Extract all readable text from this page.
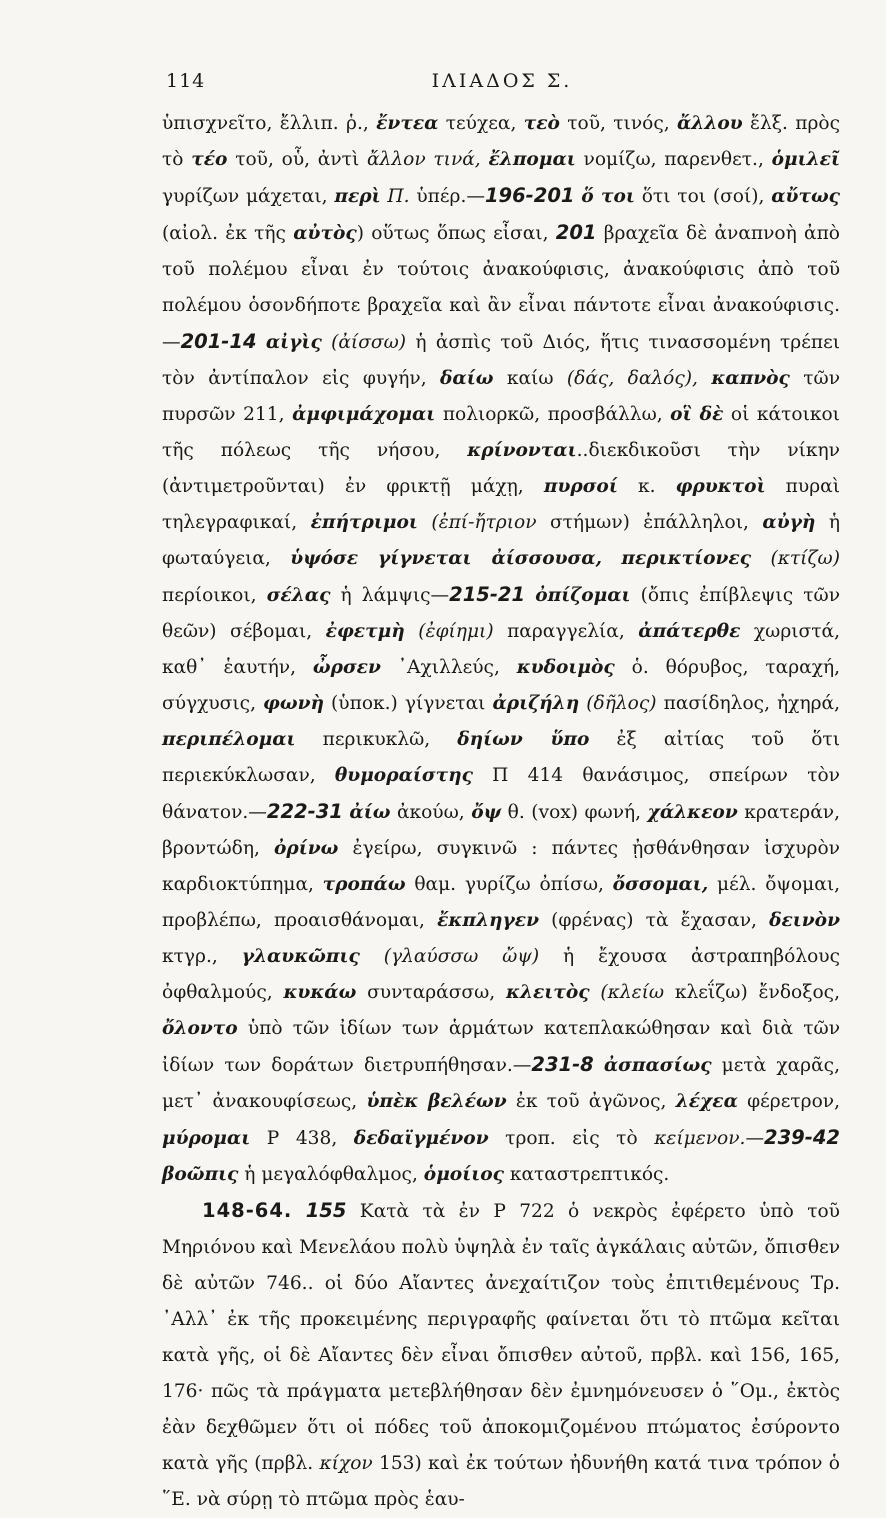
114	ΙΛΙΑΔΟΣ Σ.

ὑπισχνεῖτο, ἔλλιπ. ῥ., ἔντεα τεύχεα, τεὸ τοῦ, τινός, ἄλλου ἔλξ. πρὸς τὸ τέο τοῦ, οὗ, ἀντὶ ἄλλον τινά, ἔλπομαι νομίζω, παρενθετ., ὁμιλεῖ γυρίζων μάχεται, περὶ Π. ὑπέρ.—196-201 ὅ τοι ὅτι τοι (σοί), αὔτως (αἰολ. ἐκ τῆς αὐτὸς) οὕτως ὅπως εἶσαι, 201 βραχεῖα δὲ ἀναπνοὴ ἀπὸ τοῦ πολέμου εἶναι ἐν τούτοις ἀνακούφισις, ἀνακούφισις ἀπὸ τοῦ πολέμου ὁσονδήποτε βραχεῖα καὶ ἂν εἶναι πάντοτε εἶναι ἀνακούφισις.—201-14 αἰγὶς (ἀίσσω) ἡ ἀσπὶς τοῦ Διός, ἥτις τινασσομένη τρέπει τὸν ἀντίπαλον εἰς φυγήν, δαίω καίω (δάς, δαλός), καπνὸς τῶν πυρσῶν 211, ἀμφιμάχομαι πολιορκῶ, προσβάλλω, οἳ δὲ οἱ κάτοικοι τῆς πόλεως τῆς νήσου, κρίνονται..διεκδικοῦσι τὴν νίκην (ἀντιμετροῦνται) ἐν φρικτῇ μάχῃ, πυρσοί κ. φρυκτοὶ πυραὶ τηλεγραφικαί, ἐπήτριμοι (ἐπί-ἤτριον στήμων) ἐπάλληλοι, αὐγὴ ἡ φωταύγεια, ὑψόσε γίγνεται ἀίσσουσα, περικτίονες (κτίζω) περίοικοι, σέλας ἡ λάμψις—215-21 ὀπίζομαι (ὄπις ἐπίβλεψις τῶν θεῶν) σέβομαι, ἐφετμὴ (ἐφίημι) παραγγελία, ἀπάτερθε χωριστά, καθ᾽ ἑαυτήν, ὦρσεν ᾽Αχιλλεύς, κυδοιμὸς ὁ. θόρυβος, ταραχή, σύγχυσις, φωνὴ (ὑποκ.) γίγνεται ἀριζήλη (δῆλος) πασίδηλος, ἠχηρά, περιπέλομαι περικυκλῶ, δηίων ὕπο ἐξ αἰτίας τοῦ ὅτι περιεκύκλωσαν, θυμοραίστης Π 414 θανάσιμος, σπείρων τὸν θάνατον.—222-31 ἀίω ἀκούω, ὄψ θ. (vox) φωνή, χάλκεον κρατεράν, βροντώδη, ὀρίνω ἐγείρω, συγκινῶ : πάντες ᾐσθάνθησαν ἰσχυρὸν καρδιοκτύπημα, τροπάω θαμ. γυρίζω ὀπίσω, ὄσσομαι, μέλ. ὄψομαι, προβλέπω, προαισθάνομαι, ἔκπληγεν (φρένας) τὰ ἔχασαν, δεινὸν κτγρ., γλαυκῶπις (γλαύσσω ὤψ) ἡ ἔχουσα ἀστραπηβόλους ὀφθαλμούς, κυκάω συνταράσσω, κλειτὸς (κλείω κλεΐζω) ἔνδοξος, ὄλοντο ὑπὸ τῶν ἰδίων των ἁρμάτων κατεπλακώθησαν καὶ διὰ τῶν ἰδίων των δοράτων διετρυπήθησαν.—231-8 ἀσπασίως μετὰ χαρᾶς, μετ᾽ ἀνακουφίσεως, ὑπὲκ βελέων ἐκ τοῦ ἀγῶνος, λέχεα φέρετρον, μύρομαι Ρ 438, δεδαϊγμένον τροπ. εἰς τὸ κείμενον.—239-42 βοῶπις ἡ μεγαλόφθαλμος, ὁμοίιος καταστρεπτικός.

148-64. 155 Κατὰ τὰ ἐν Ρ 722 ὁ νεκρὸς ἐφέρετο ὑπὸ τοῦ Μηριόνου καὶ Μενελάου πολὺ ὑψηλὰ ἐν ταῖς ἀγκάλαις αὐτῶν, ὄπισθεν δὲ αὐτῶν 746.. οἱ δύο Αἴαντες ἀνεχαίτιζον τοὺς ἐπιτιθεμένους Τρ. ᾽Αλλ᾽ ἐκ τῆς προκειμένης περιγραφῆς φαίνεται ὅτι τὸ πτῶμα κεῖται κατὰ γῆς, οἱ δὲ Αἴαντες δὲν εἶναι ὄπισθεν αὐτοῦ, πρβλ. καὶ 156, 165, 176· πῶς τὰ πράγματα μετεβλήθησαν δὲν ἐμνημόνευσεν ὁ ῞Ομ., ἐκτὸς ἐὰν δεχθῶμεν ὅτι οἱ πόδες τοῦ ἀποκομιζομένου πτώματος ἐσύροντο κατὰ γῆς (πρβλ. κίχον 153) καὶ ἐκ τούτων ἠδυνήθη κατά τινα τρόπον ὁ ῞Ε. νὰ σύρῃ τὸ πτῶμα πρὸς ἑαυ-
